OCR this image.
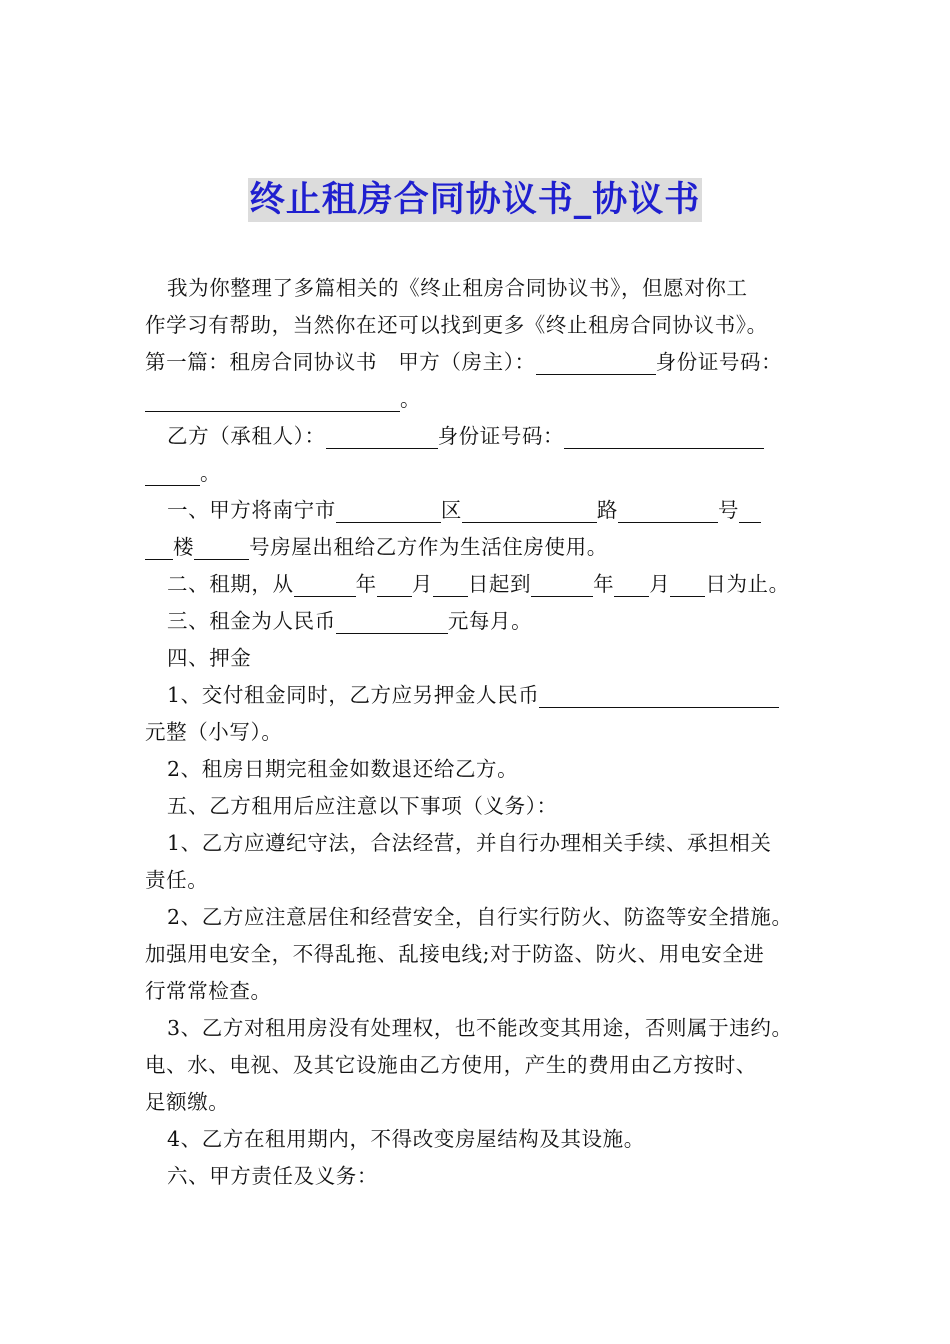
终止租房合同协议书_协议书
我为你整理了多篇相关的《终止租房合同协议书》，但愿对你工
作学习有帮助，当然你在还可以找到更多《终止租房合同协议书》。
第一篇：租房合同协议书　甲方（房主）：	身份证号码：
。
乙方（承租人）：	身份证号码：
。
一、甲方将南宁市	区	路	号
楼	号房屋出租给乙方作为生活住房使用。
二、租期，从	年 月 日起到	年 月 日为止。
三、租金为人民币	元每月。
四、押金
1、交付租金同时，乙方应另押金人民币
元整（小写）。
2、租房日期完租金如数退还给乙方。
五、乙方租用后应注意以下事项（义务）：
1、乙方应遵纪守法，合法经营，并自行办理相关手续、承担相关
责任。
2、乙方应注意居住和经营安全，自行实行防火、防盗等安全措施。
加强用电安全，不得乱拖、乱接电线;对于防盗、防火、用电安全进
行常常检查。
3、乙方对租用房没有处理权，也不能改变其用途，否则属于违约。
电、水、电视、及其它设施由乙方使用，产生的费用由乙方按时、
足额缴。
4、乙方在租用期内，不得改变房屋结构及其设施。
六、甲方责任及义务：
